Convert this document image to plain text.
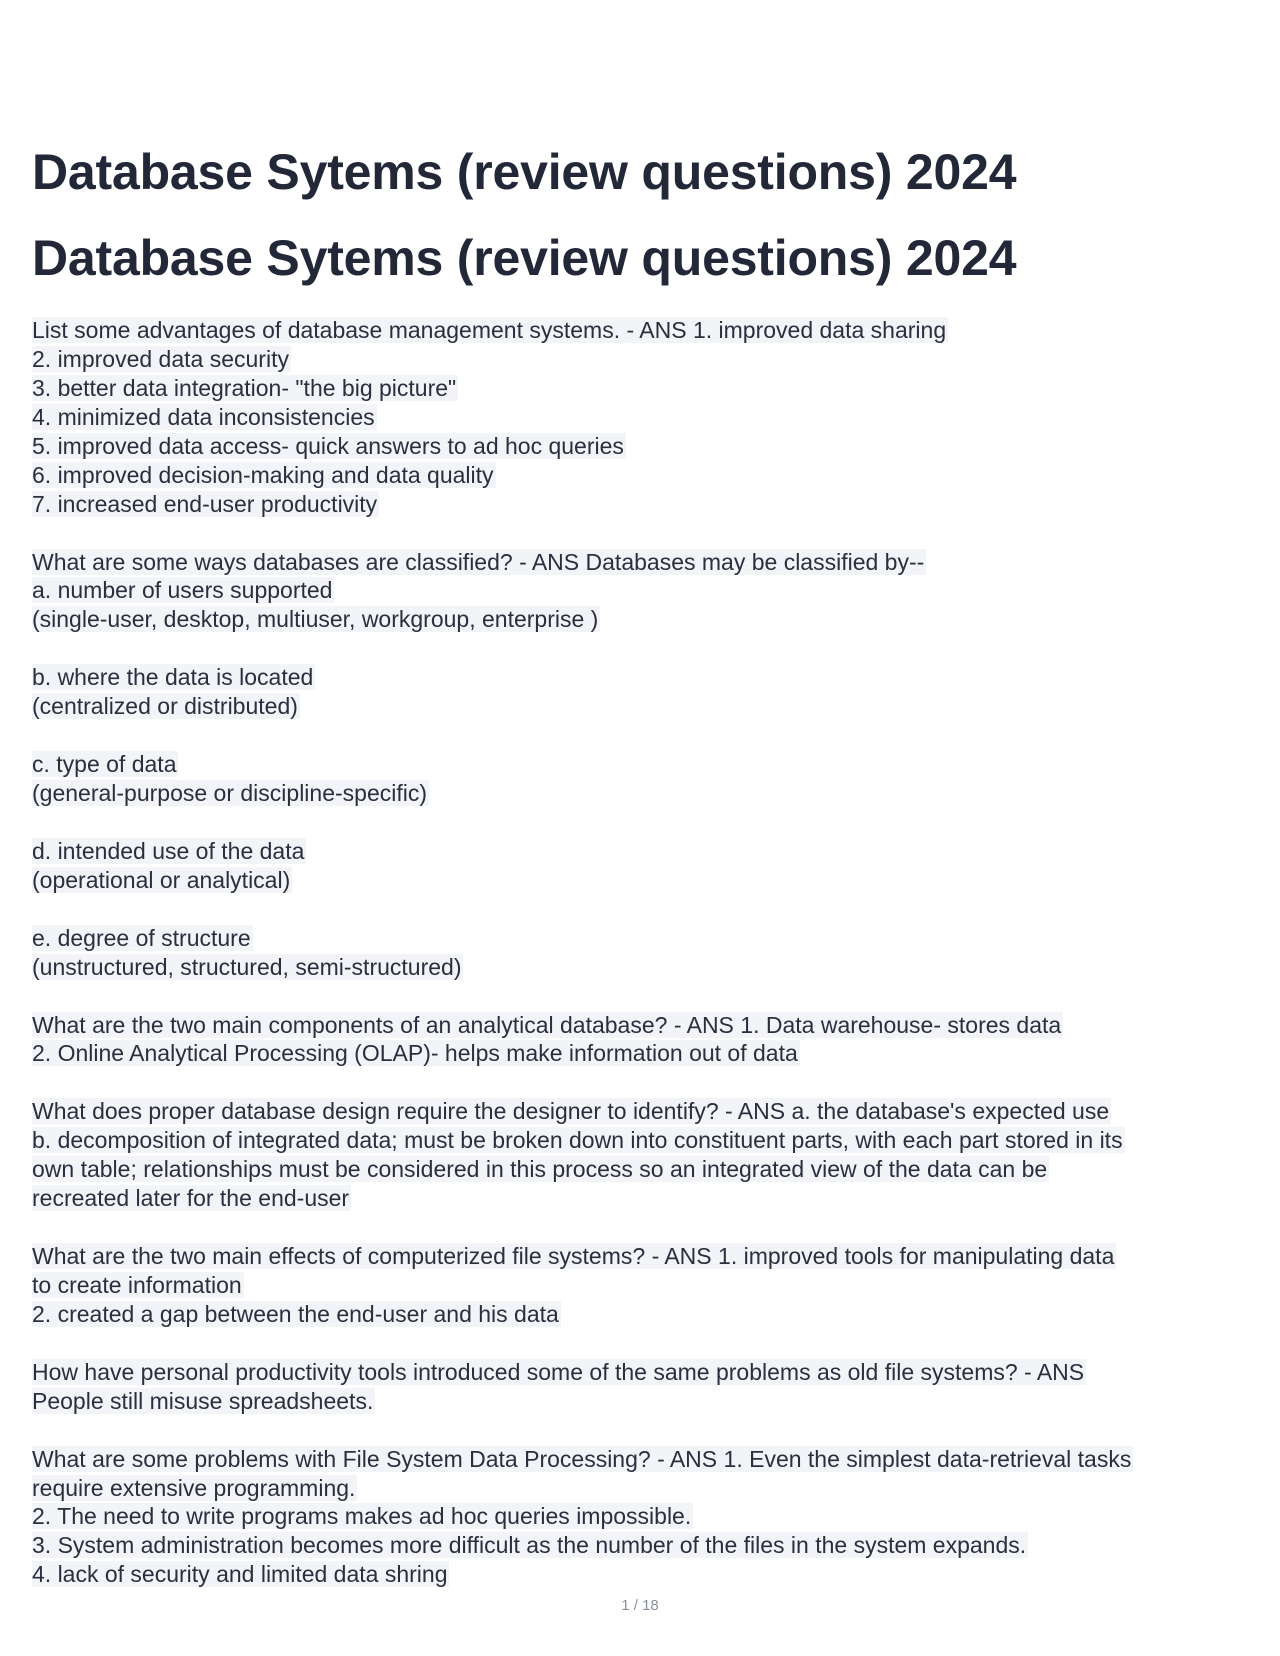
Database Sytems (review questions) 2024
Database Sytems (review questions) 2024
List some advantages of database management systems. - ANS 1. improved data sharing
2. improved data security
3. better data integration- "the big picture"
4. minimized data inconsistencies
5. improved data access- quick answers to ad hoc queries
6. improved decision-making and data quality
7. increased end-user productivity
What are some ways databases are classified? - ANS Databases may be classified by--
a. number of users supported
(single-user, desktop, multiuser, workgroup, enterprise )
b. where the data is located
(centralized or distributed)
c. type of data
(general-purpose or discipline-specific)
d. intended use of the data
(operational or analytical)
e. degree of structure
(unstructured, structured, semi-structured)
What are the two main components of an analytical database? - ANS 1. Data warehouse- stores data
2. Online Analytical Processing (OLAP)- helps make information out of data
What does proper database design require the designer to identify? - ANS a. the database's expected use
b. decomposition of integrated data; must be broken down into constituent parts, with each part stored in its
own table; relationships must be considered in this process so an integrated view of the data can be
recreated later for the end-user
What are the two main effects of computerized file systems? - ANS 1. improved tools for manipulating data
to create information
2. created a gap between the end-user and his data
How have personal productivity tools introduced some of the same problems as old file systems? - ANS
People still misuse spreadsheets.
What are some problems with File System Data Processing? - ANS 1. Even the simplest data-retrieval tasks
require extensive programming.
2. The need to write programs makes ad hoc queries impossible.
3. System administration becomes more difficult as the number of the files in the system expands.
4. lack of security and limited data shring
1 / 18
